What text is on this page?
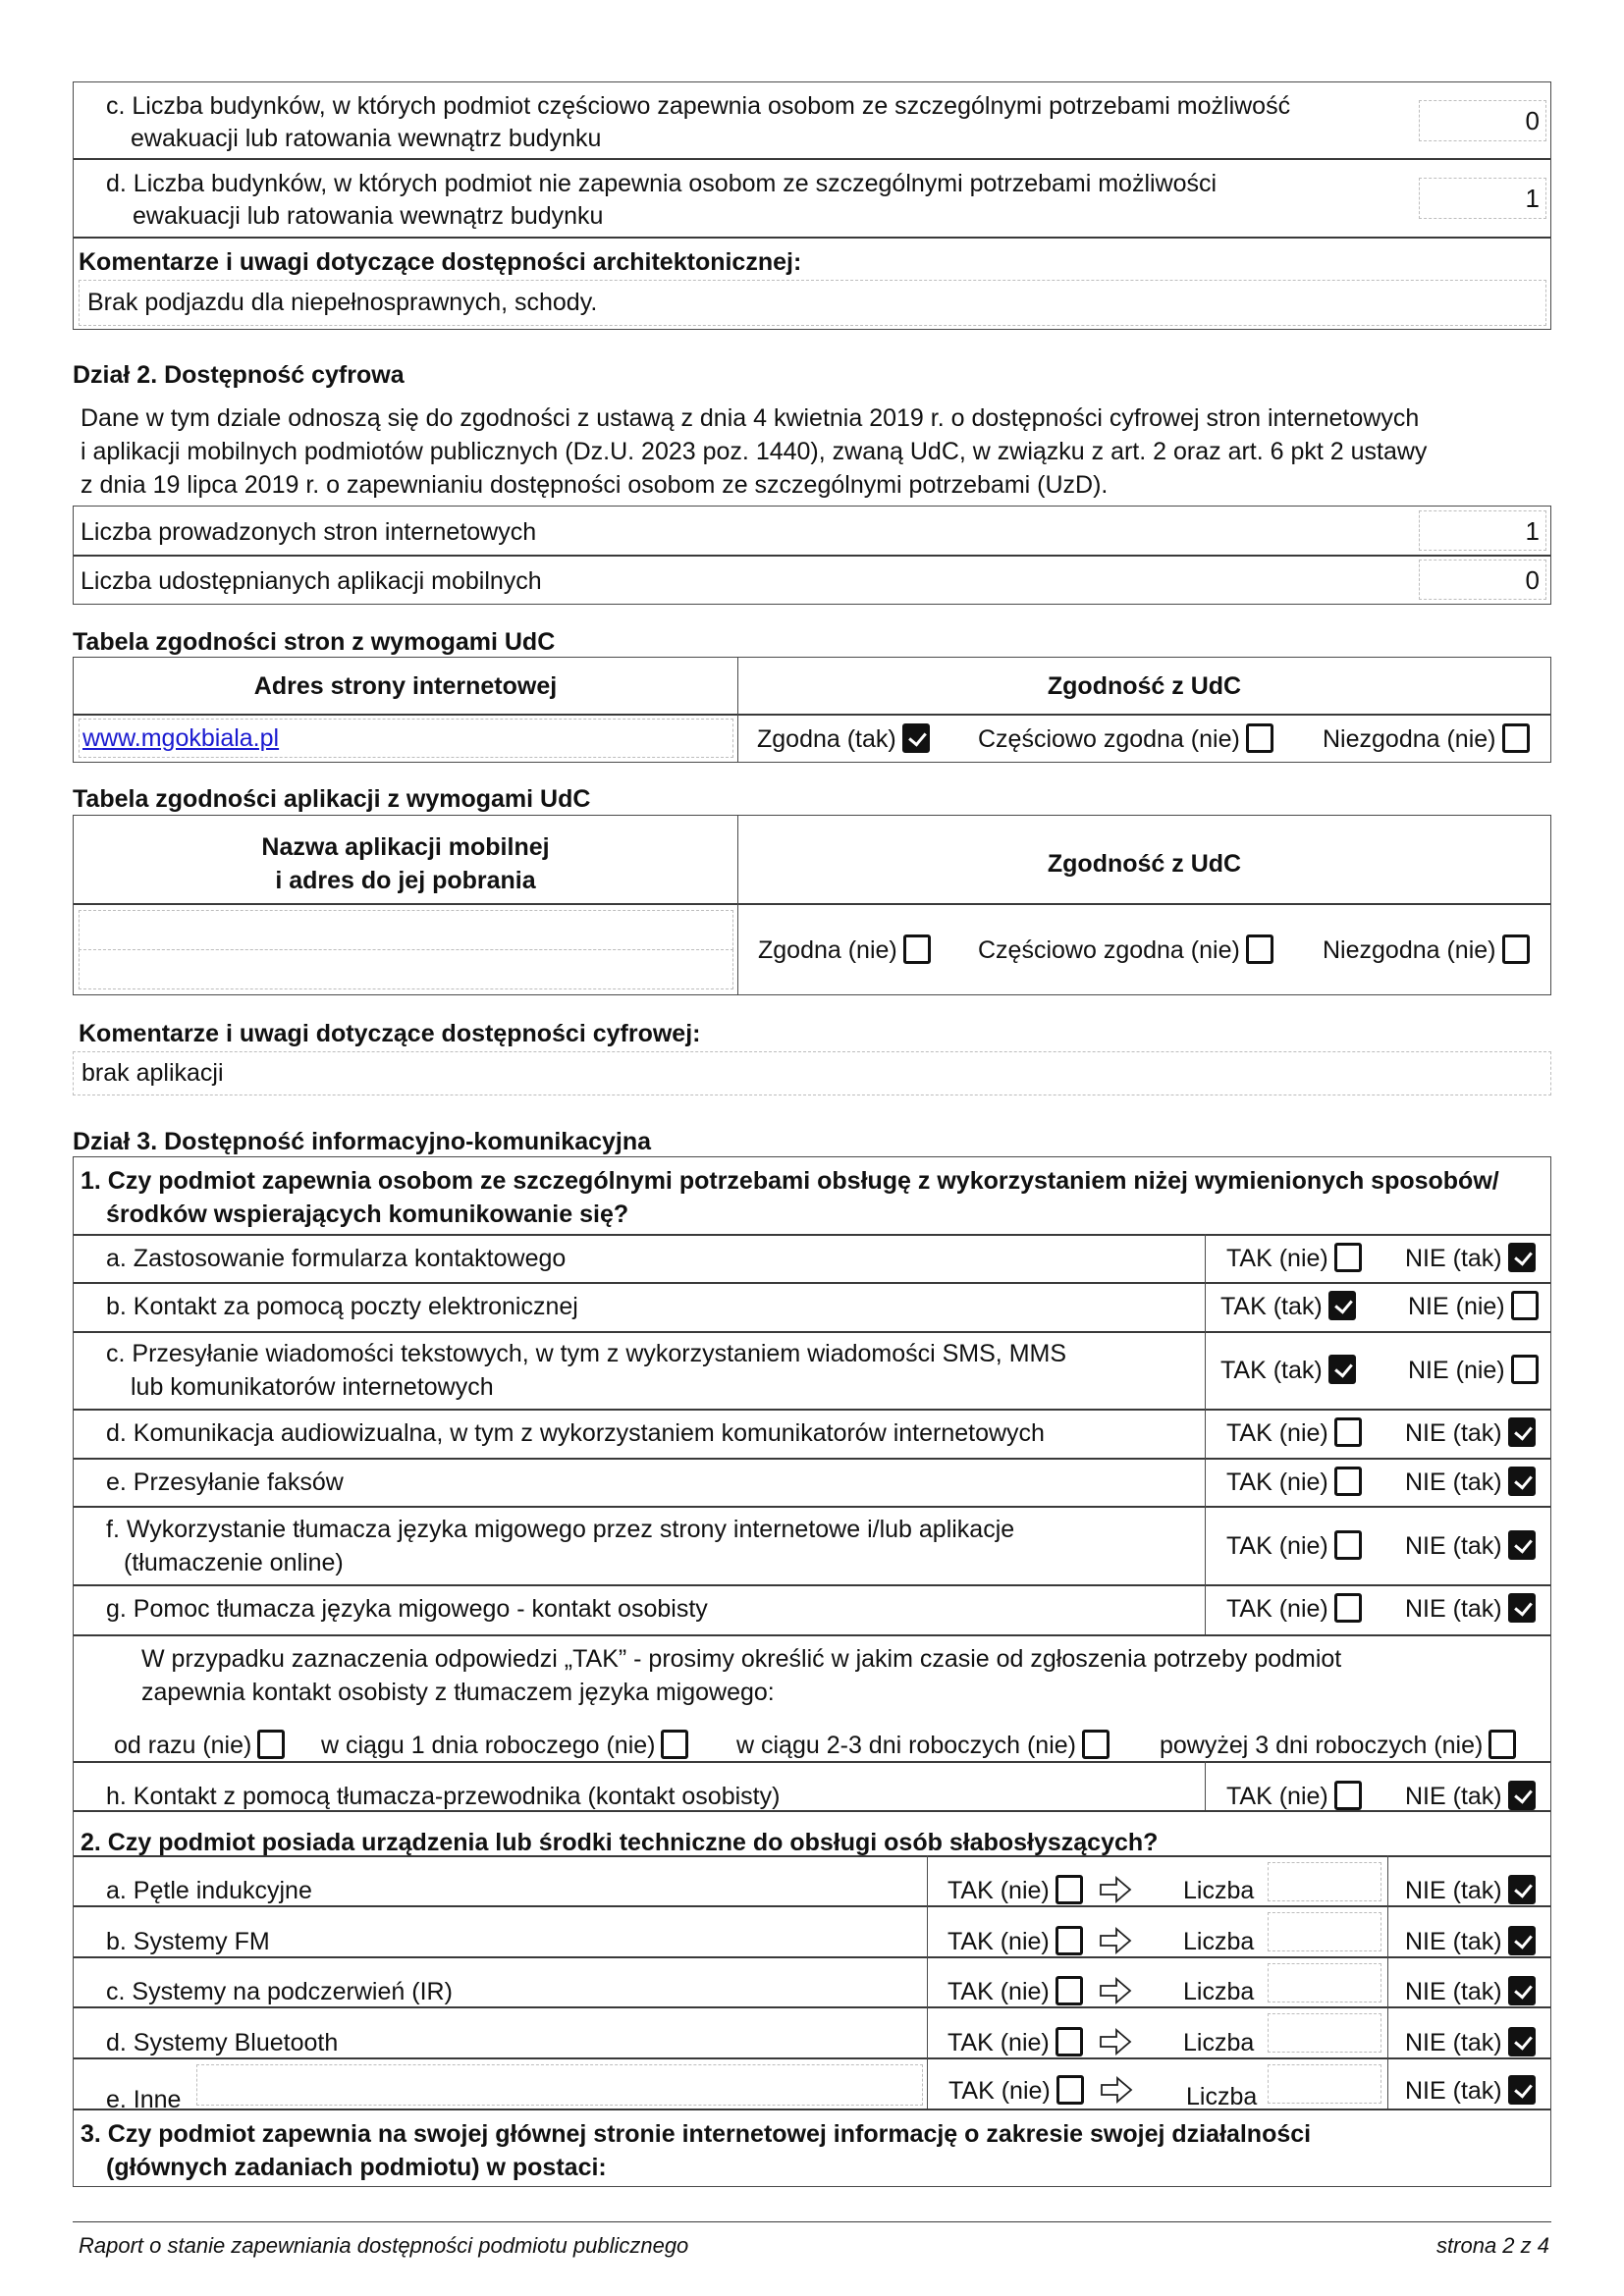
c. Liczba budynków, w których podmiot częściowo zapewnia osobom ze szczególnymi potrzebami możliwość
ewakuacji lub ratowania wewnątrz budynku
0
d. Liczba budynków, w których podmiot nie zapewnia osobom ze szczególnymi potrzebami możliwości
ewakuacji lub ratowania wewnątrz budynku
1
Komentarze i uwagi dotyczące dostępności architektonicznej:
Brak podjazdu dla niepełnosprawnych, schody.
Dział 2. Dostępność cyfrowa
Dane w tym dziale odnoszą się do zgodności z ustawą z dnia 4 kwietnia 2019 r. o dostępności cyfrowej stron internetowych
i aplikacji mobilnych podmiotów publicznych (Dz.U. 2023 poz. 1440), zwaną UdC, w związku z art. 2 oraz art. 6 pkt 2 ustawy
z dnia 19 lipca 2019 r. o zapewnianiu dostępności osobom ze szczególnymi potrzebami (UzD).
Liczba prowadzonych stron internetowych	1
Liczba udostępnianych aplikacji mobilnych	0
Tabela zgodności stron z wymogami UdC
Adres strony internetowej	Zgodność z UdC
www.mgokbiala.pl	Zgodna (tak)	Częściowo zgodna (nie)	Niezgodna (nie)
Tabela zgodności aplikacji z wymogami UdC
Nazwa aplikacji mobilnej
i adres do jej pobrania
Zgodność z UdC
Zgodna (nie)	Częściowo zgodna (nie)	Niezgodna (nie)
Komentarze i uwagi dotyczące dostępności cyfrowej:
brak aplikacji
Dział 3. Dostępność informacyjno-komunikacyjna
1. Czy podmiot zapewnia osobom ze szczególnymi potrzebami obsługę z wykorzystaniem niżej wymienionych sposobów/
środków wspierających komunikowanie się?
a. Zastosowanie formularza kontaktowego	TAK (nie)	NIE (tak)
b. Kontakt za pomocą poczty elektronicznej	TAK (tak)	NIE (nie)
c. Przesyłanie wiadomości tekstowych, w tym z wykorzystaniem wiadomości SMS, MMS
lub komunikatorów internetowych
TAK (tak)	NIE (nie)
d. Komunikacja audiowizualna, w tym z wykorzystaniem komunikatorów internetowych	TAK (nie)	NIE (tak)
e. Przesyłanie faksów	TAK (nie)	NIE (tak)
f. Wykorzystanie tłumacza języka migowego przez strony internetowe i/lub aplikacje
(tłumaczenie online)
TAK (nie)	NIE (tak)
g. Pomoc tłumacza języka migowego - kontakt osobisty	TAK (nie)	NIE (tak)
W przypadku zaznaczenia odpowiedzi „TAK” - prosimy określić w jakim czasie od zgłoszenia potrzeby podmiot
zapewnia kontakt osobisty z tłumaczem języka migowego:
od razu (nie)	w ciągu 1 dnia roboczego (nie)	w ciągu 2-3 dni roboczych (nie)	powyżej 3 dni roboczych (nie)
h. Kontakt z pomocą tłumacza-przewodnika (kontakt osobisty)	TAK (nie)	NIE (tak)
2. Czy podmiot posiada urządzenia lub środki techniczne do obsługi osób słabosłyszących?
a. Pętle indukcyjne	TAK (nie)	Liczba	NIE (tak)
b. Systemy FM	TAK (nie)	Liczba	NIE (tak)
c. Systemy na podczerwień (IR)	TAK (nie)	Liczba	NIE (tak)
d. Systemy Bluetooth	TAK (nie)	Liczba	NIE (tak)
e. Inne	TAK (nie)	Liczba	NIE (tak)
3. Czy podmiot zapewnia na swojej głównej stronie internetowej informację o zakresie swojej działalności
(głównych zadaniach podmiotu) w postaci:
Raport o stanie zapewniania dostępności podmiotu publicznego	strona 2 z 4
